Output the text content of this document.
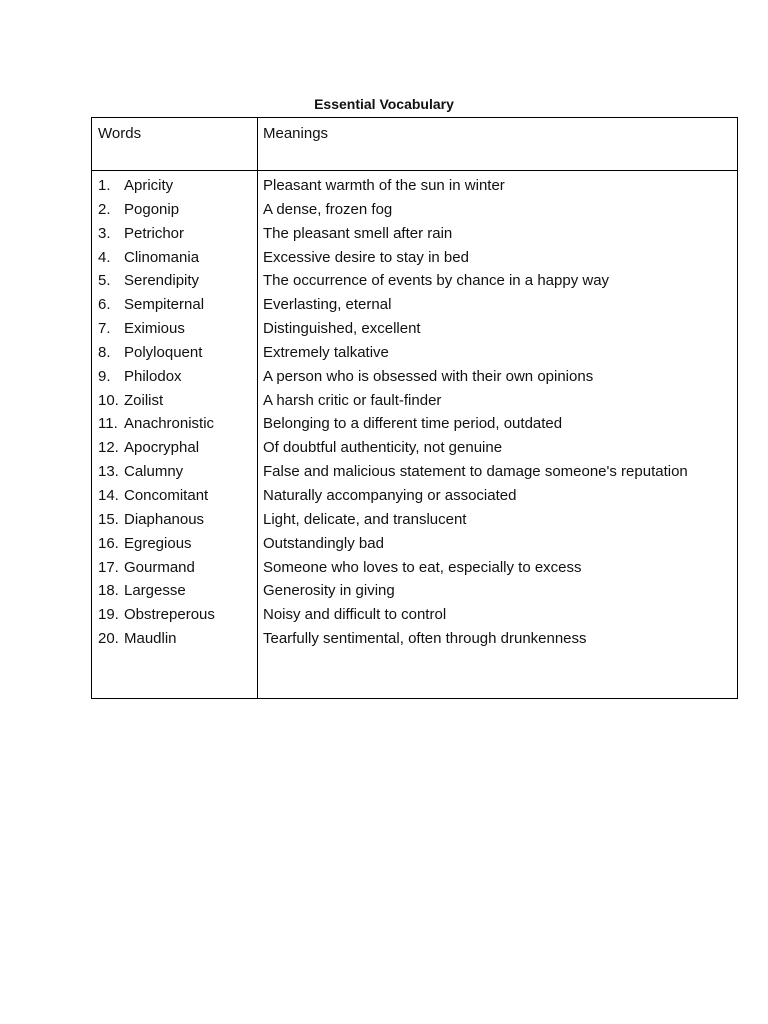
Essential Vocabulary
Words	Meanings
1. Apricity
2. Pogonip
3. Petrichor
4. Clinomania
5. Serendipity
6. Sempiternal
7. Eximious
8. Polyloquent
9. Philodox
10. Zoilist
11. Anachronistic
12. Apocryphal
13. Calumny
14. Concomitant
15. Diaphanous
16. Egregious
17. Gourmand
18. Largesse
19. Obstreperous
20. Maudlin
Pleasant warmth of the sun in winter
A dense, frozen fog
The pleasant smell after rain
Excessive desire to stay in bed
The occurrence of events by chance in a happy way
Everlasting, eternal
Distinguished, excellent
Extremely talkative
A person who is obsessed with their own opinions
A harsh critic or fault-finder
Belonging to a different time period, outdated
Of doubtful authenticity, not genuine
False and malicious statement to damage someone's reputation
Naturally accompanying or associated
Light, delicate, and translucent
Outstandingly bad
Someone who loves to eat, especially to excess
Generosity in giving
Noisy and difficult to control
Tearfully sentimental, often through drunkenness
